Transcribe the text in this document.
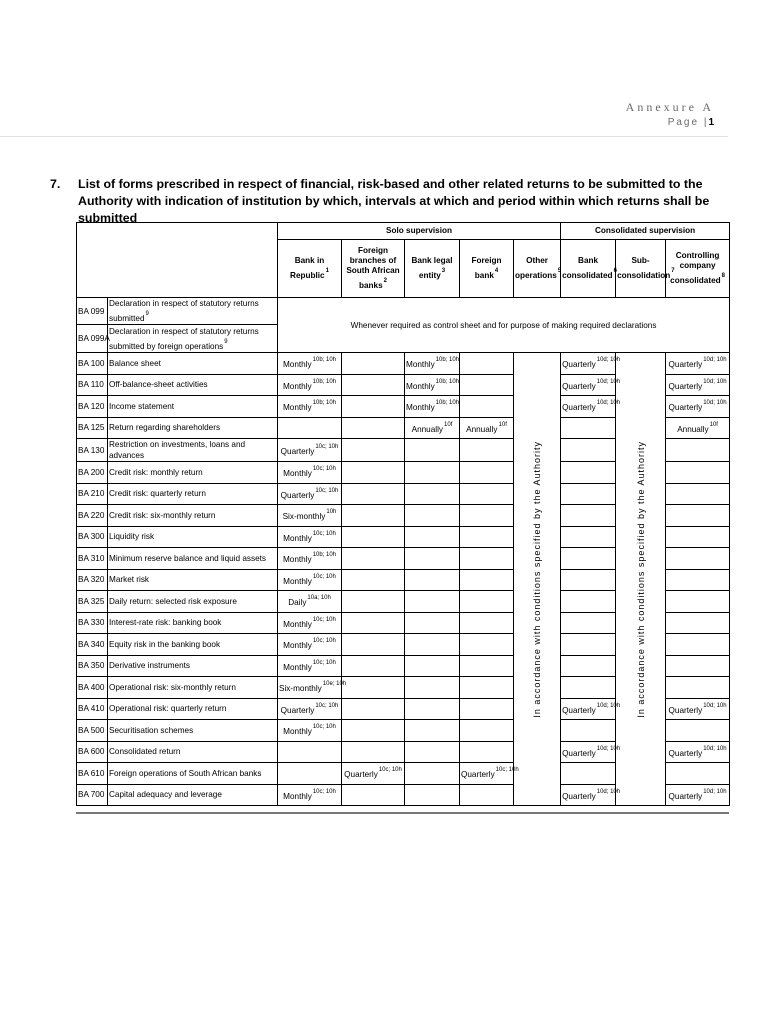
Annexure A
Page |1
7. List of forms prescribed in respect of financial, risk-based and other related returns to be submitted to the Authority with indication of institution by which, intervals at which and period within which returns shall be submitted
		Solo supervision					Consolidated supervision		
		Bank in Republic$^1$	Foreign branches of South African banks$^2$	Bank legal entity$^3$	Foreign bank$^4$	Other operations$^5$	Bank consolidated$^6$	Sub-consolidation$^7$	Controlling company consolidated$^8$
BA 099	Declaration in respect of statutory returns submitted$^9$	Whenever required as control sheet and for purpose of making required declarations							
BA 099A	Declaration in respect of statutory returns submitted by foreign operations$^9$
BA 100	Balance sheet	Monthly$^{10b; 10h}$		Monthly$^{10b; 10h}$		In accordance with conditions specified by the Authority	Quarterly$^{10d; 10h}$	In accordance with conditions specified by the Authority	Quarterly$^{10d; 10h}$
BA 110	Off-balance-sheet activities	Monthly$^{10b; 10h}$		Monthly$^{10b; 10h}$			Quarterly$^{10d; 10h}$		Quarterly$^{10d; 10h}$
BA 120	Income statement	Monthly$^{10b; 10h}$		Monthly$^{10b; 10h}$			Quarterly$^{10d; 10h}$		Quarterly$^{10d; 10h}$
BA 125	Return regarding shareholders			Annually$^{10f}$	Annually$^{10f}$				Annually$^{10f}$
BA 130	Restriction on investments, loans and advances	Quarterly$^{10c; 10h}$					
BA 200	Credit risk: monthly return	Monthly$^{10c; 10h}$					
BA 210	Credit risk: quarterly return	Quarterly$^{10c; 10h}$					
BA 220	Credit risk: six-monthly return	Six-monthly$^{10h}$					
BA 300	Liquidity risk	Monthly$^{10c; 10h}$					
BA 310	Minimum reserve balance and liquid assets	Monthly$^{10b; 10h}$					
BA 320	Market risk	Monthly$^{10c; 10h}$					
BA 325	Daily return: selected risk exposure	Daily$^{10a; 10h}$					
BA 330	Interest-rate risk: banking book	Monthly$^{10c; 10h}$					
BA 340	Equity risk in the banking book	Monthly$^{10c; 10h}$					
BA 350	Derivative instruments	Monthly$^{10c; 10h}$					
BA 400	Operational risk: six-monthly return	Six-monthly$^{10e; 10h}$					
BA 410	Operational risk: quarterly return	Quarterly$^{10c; 10h}$					Quarterly$^{10d; 10h}$		Quarterly$^{10d; 10h}$
BA 500	Securitisation schemes	Monthly$^{10c; 10h}$					
BA 600	Consolidated return						Quarterly$^{10d; 10h}$		Quarterly$^{10d; 10h}$
BA 610	Foreign operations of South African banks		Quarterly$^{10c; 10h}$		Quarterly$^{10c; 10h}$		
BA 700	Capital adequacy and leverage	Monthly$^{10c; 10h}$					Quarterly$^{10d; 10h}$		Quarterly$^{10d; 10h}$
